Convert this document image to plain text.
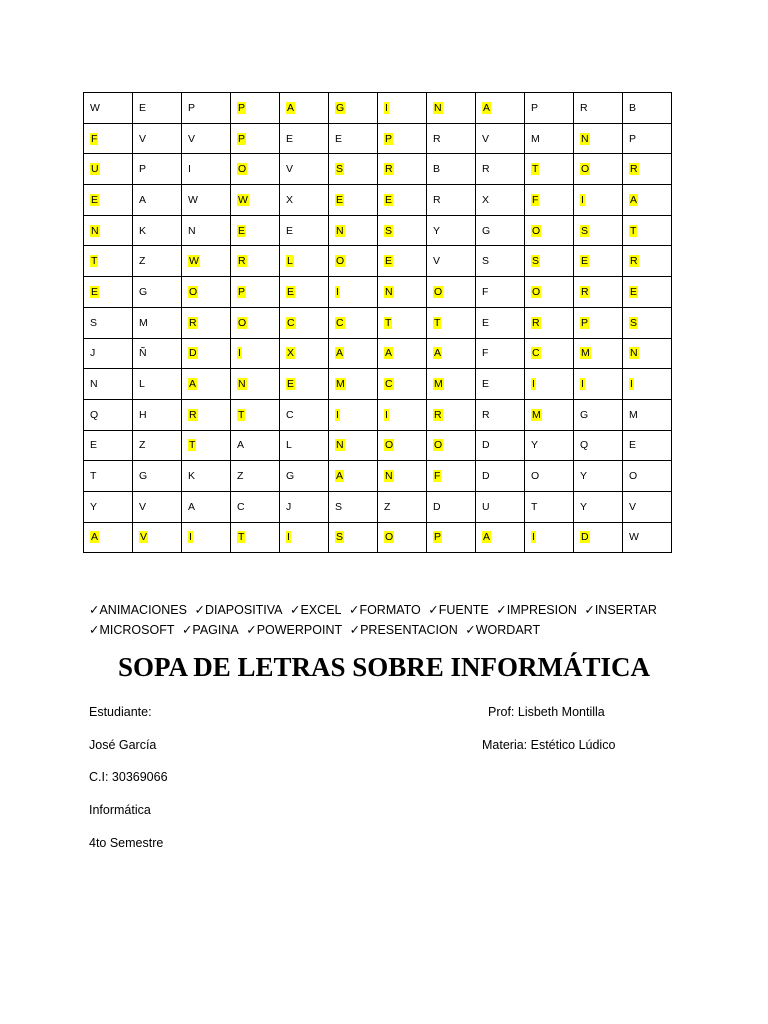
W	E	P	P	A	G	I	N	A	P	R	B
F	V	V	P	E	E	P	R	V	M	N	P
U	P	I	O	V	S	R	B	R	T	O	R
E	A	W	W	X	E	E	R	X	F	I	A
N	K	N	E	E	N	S	Y	G	O	S	T
T	Z	W	R	L	O	E	V	S	S	E	R
E	G	O	P	E	I	N	O	F	O	R	E
S	M	R	O	C	C	T	T	E	R	P	S
J	Ñ	D	I	X	A	A	A	F	C	M	N
N	L	A	N	E	M	C	M	E	I	I	I
Q	H	R	T	C	I	I	R	R	M	G	M
E	Z	T	A	L	N	O	O	D	Y	Q	E
T	G	K	Z	G	A	N	F	D	O	Y	O
Y	V	A	C	J	S	Z	D	U	T	Y	V
A	V	I	T	I	S	O	P	A	I	D	W
✓ANIMACIONES ✓DIAPOSITIVA ✓EXCEL ✓FORMATO ✓FUENTE ✓IMPRESION ✓INSERTAR ✓MICROSOFT ✓PAGINA ✓POWERPOINT ✓PRESENTACION ✓WORDART
SOPA DE LETRAS SOBRE INFORMÁTICA
Estudiante:
José García
C.I: 30369066
Informática
4to Semestre
Prof: Lisbeth Montilla
Materia: Estético Lúdico
